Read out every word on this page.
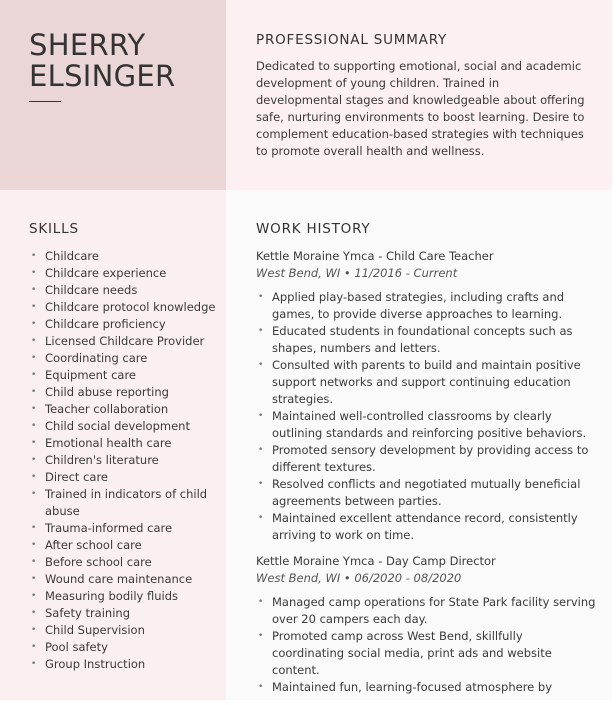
SHERRY
ELSINGER
PROFESSIONAL SUMMARY
Dedicated to supporting emotional, social and academic development of young children. Trained in developmental stages and knowledgeable about offering safe, nurturing environments to boost learning. Desire to complement education-based strategies with techniques to promote overall health and wellness.
SKILLS
• Childcare
• Childcare experience
• Childcare needs
• Childcare protocol knowledge
• Childcare proficiency
• Licensed Childcare Provider
• Coordinating care
• Equipment care
• Child abuse reporting
• Teacher collaboration
• Child social development
• Emotional health care
• Children's literature
• Direct care
• Trained in indicators of child abuse
• Trauma-informed care
• After school care
• Before school care
• Wound care maintenance
• Measuring bodily fluids
• Safety training
• Child Supervision
• Pool safety
• Group Instruction
WORK HISTORY
Kettle Moraine Ymca - Child Care Teacher
West Bend, WI • 11/2016 - Current
• Applied play-based strategies, including crafts and games, to provide diverse approaches to learning.
• Educated students in foundational concepts such as shapes, numbers and letters.
• Consulted with parents to build and maintain positive support networks and support continuing education strategies.
• Maintained well-controlled classrooms by clearly outlining standards and reinforcing positive behaviors.
• Promoted sensory development by providing access to different textures.
• Resolved conflicts and negotiated mutually beneficial agreements between parties.
• Maintained excellent attendance record, consistently arriving to work on time.
Kettle Moraine Ymca - Day Camp Director
West Bend, WI • 06/2020 - 08/2020
• Managed camp operations for State Park facility serving over 20 campers each day.
• Promoted camp across West Bend, skillfully coordinating social media, print ads and website content.
• Maintained fun, learning-focused atmosphere by
